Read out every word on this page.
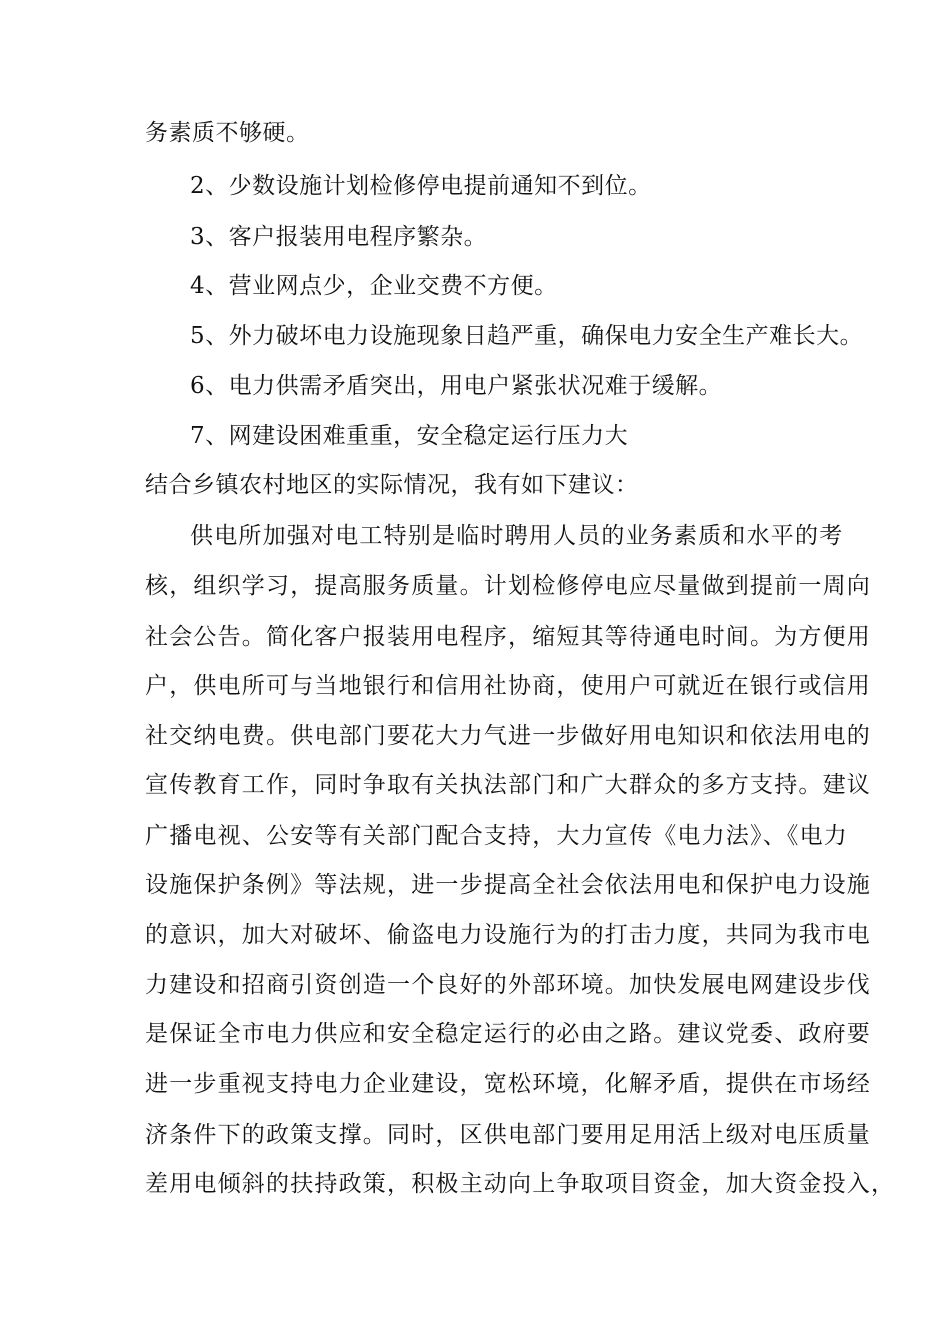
务素质不够硬。
2、少数设施计划检修停电提前通知不到位。
3、客户报装用电程序繁杂。
4、营业网点少，企业交费不方便。
5、外力破坏电力设施现象日趋严重，确保电力安全生产难长大。
6、电力供需矛盾突出，用电户紧张状况难于缓解。
7、网建设困难重重，安全稳定运行压力大
结合乡镇农村地区的实际情况，我有如下建议：
供电所加强对电工特别是临时聘用人员的业务素质和水平的考
核，组织学习，提高服务质量。计划检修停电应尽量做到提前一周向
社会公告。简化客户报装用电程序，缩短其等待通电时间。为方便用
户，供电所可与当地银行和信用社协商，使用户可就近在银行或信用
社交纳电费。供电部门要花大力气进一步做好用电知识和依法用电的
宣传教育工作，同时争取有关执法部门和广大群众的多方支持。建议
广播电视、公安等有关部门配合支持，大力宣传《电力法》、《电力
设施保护条例》等法规，进一步提高全社会依法用电和保护电力设施
的意识，加大对破坏、偷盗电力设施行为的打击力度，共同为我市电
力建设和招商引资创造一个良好的外部环境。加快发展电网建设步伐
是保证全市电力供应和安全稳定运行的必由之路。建议党委、政府要
进一步重视支持电力企业建设，宽松环境，化解矛盾，提供在市场经
济条件下的政策支撑。同时，区供电部门要用足用活上级对电压质量
差用电倾斜的扶持政策，积极主动向上争取项目资金，加大资金投入，
